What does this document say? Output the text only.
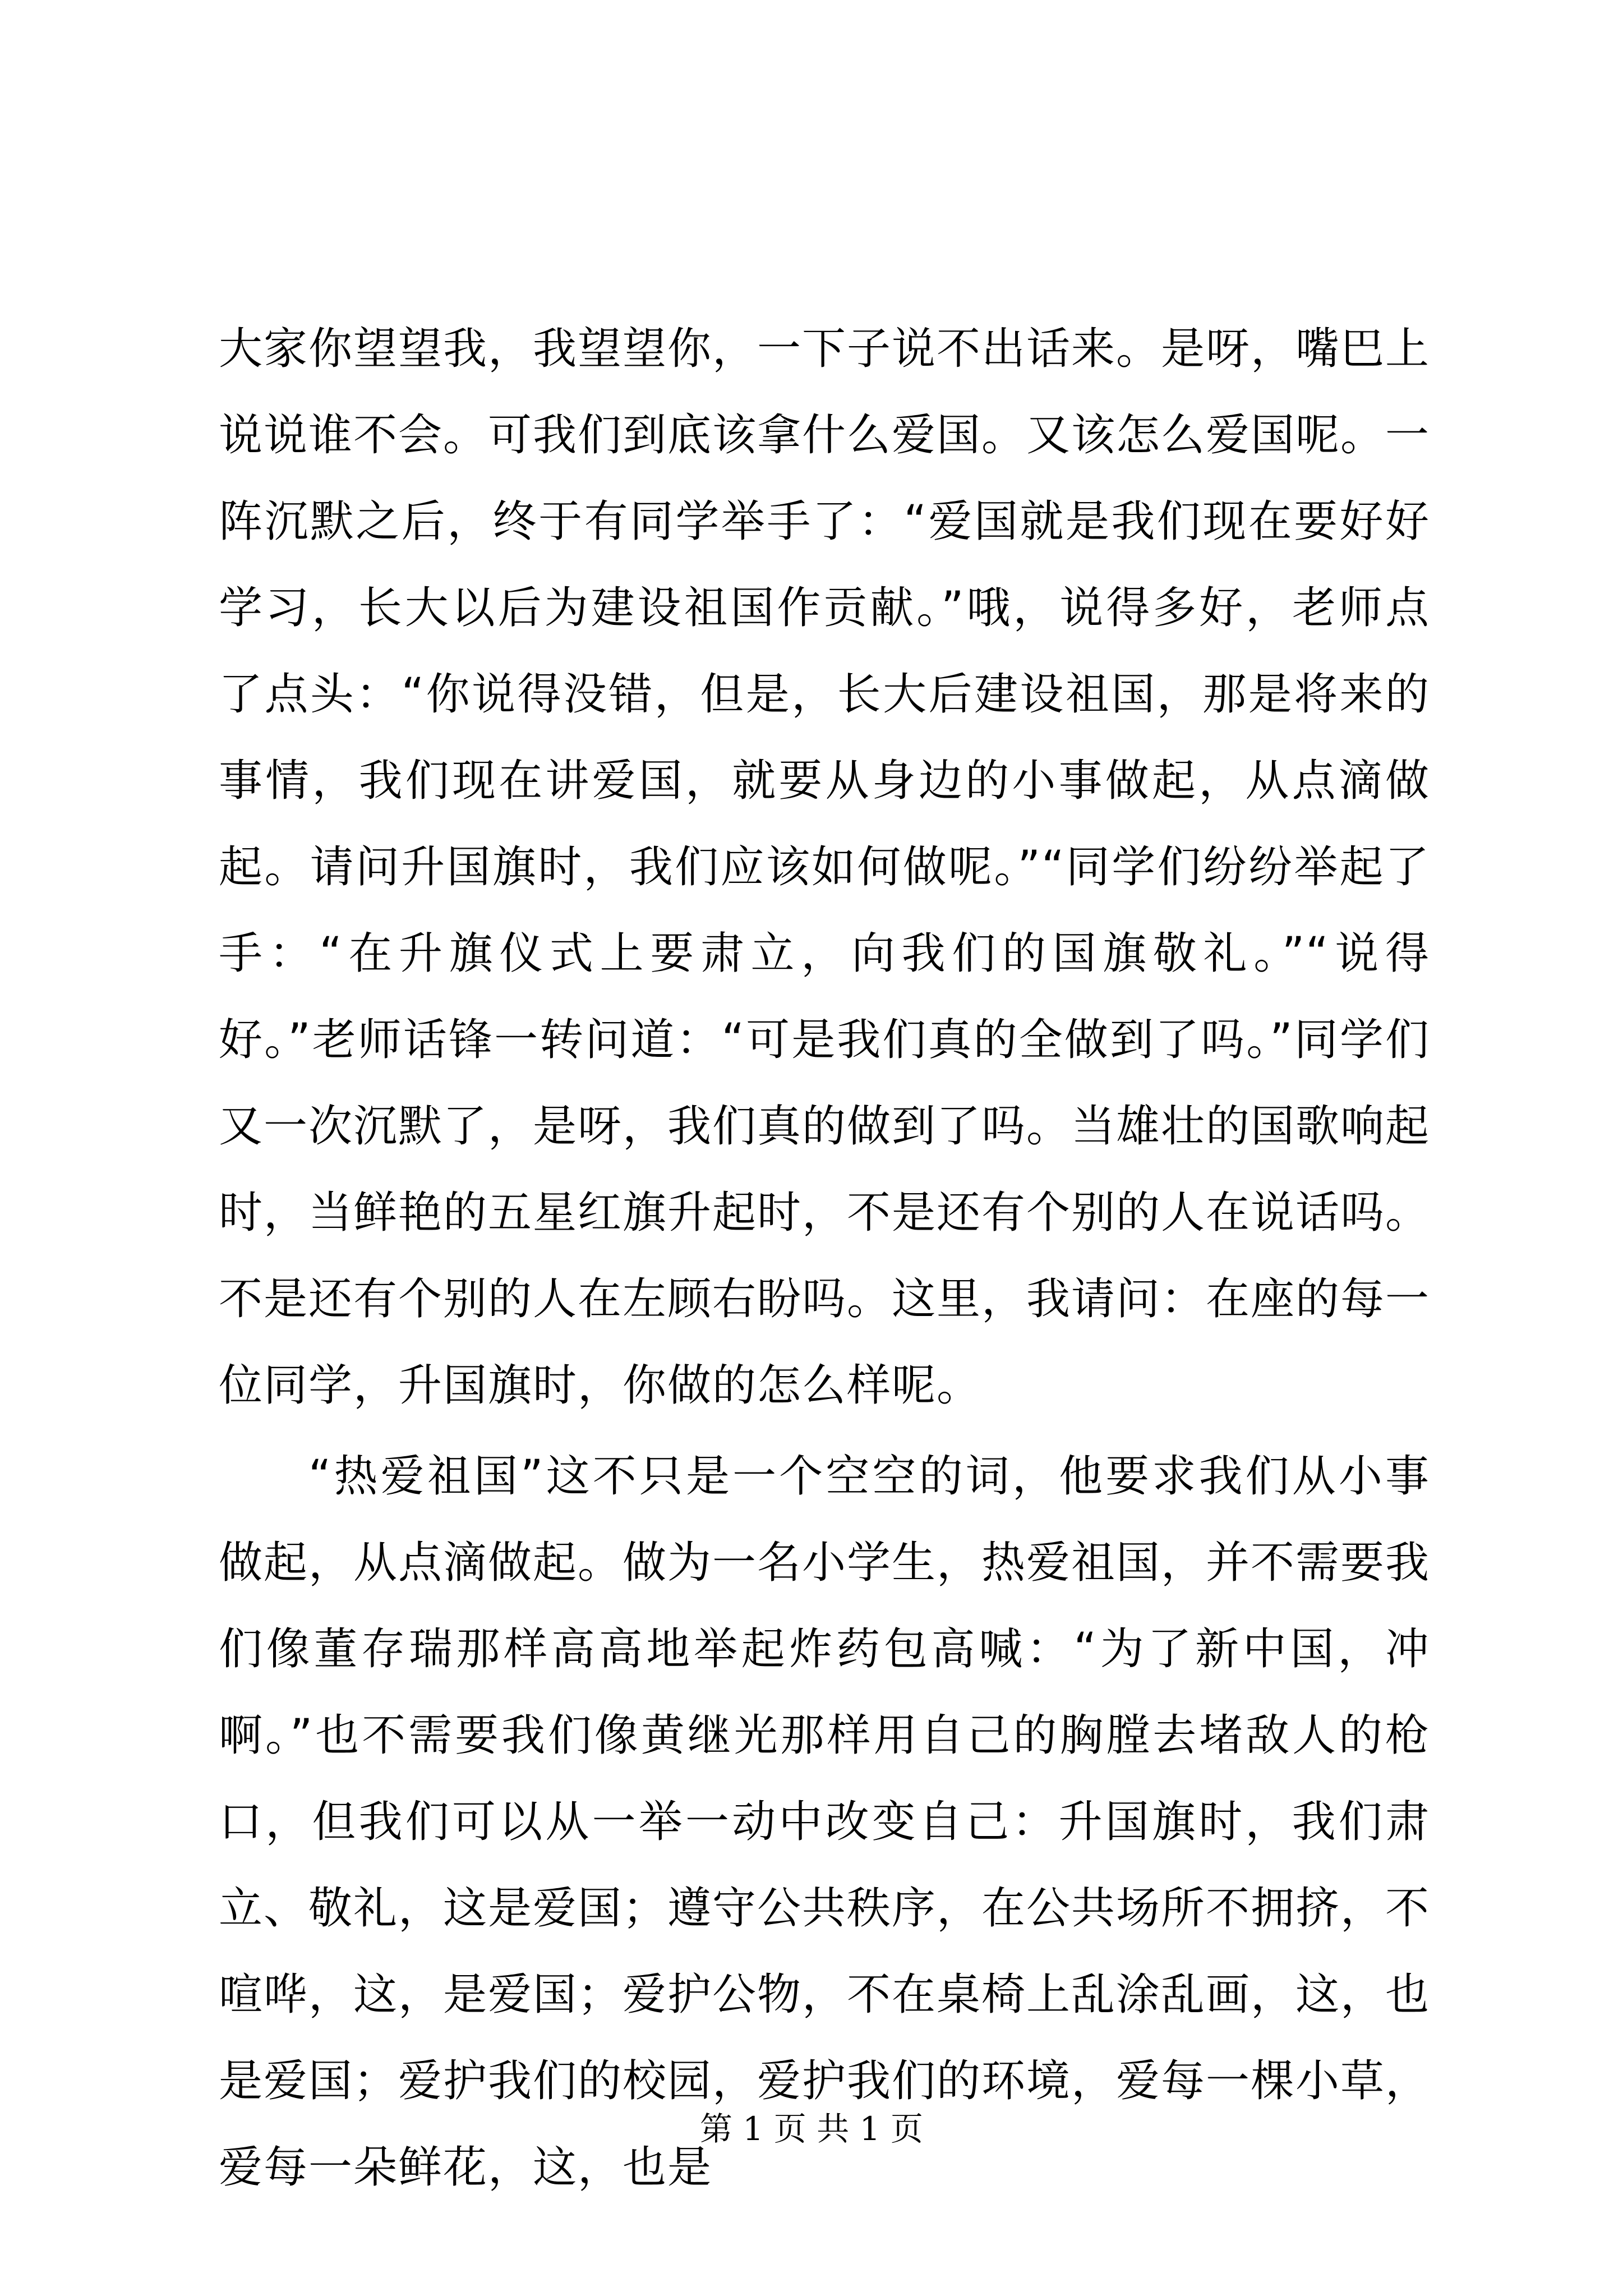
大家你望望我，我望望你，一下子说不出话来。是呀，嘴巴上说说谁不会。可我们到底该拿什么爱国。又该怎么爱国呢。一阵沉默之后，终于有同学举手了：“爱国就是我们现在要好好学习，长大以后为建设祖国作贡献。”哦，说得多好，老师点了点头：“你说得没错，但是，长大后建设祖国，那是将来的事情，我们现在讲爱国，就要从身边的小事做起，从点滴做起。请问升国旗时，我们应该如何做呢。”“同学们纷纷举起了手：“在升旗仪式上要肃立，向我们的国旗敬礼。”“说得好。”老师话锋一转问道：“可是我们真的全做到了吗。”同学们又一次沉默了，是呀，我们真的做到了吗。当雄壮的国歌响起时，当鲜艳的五星红旗升起时，不是还有个别的人在说话吗。不是还有个别的人在左顾右盼吗。这里，我请问：在座的每一位同学，升国旗时，你做的怎么样呢。

“热爱祖国”这不只是一个空空的词，他要求我们从小事做起，从点滴做起。做为一名小学生，热爱祖国，并不需要我们像董存瑞那样高高地举起炸药包高喊：“为了新中国，冲啊。”也不需要我们像黄继光那样用自己的胸膛去堵敌人的枪口，但我们可以从一举一动中改变自己：升国旗时，我们肃立、敬礼，这是爱国；遵守公共秩序，在公共场所不拥挤，不喧哗，这，是爱国；爱护公物，不在桌椅上乱涂乱画，这，也是爱国；爱护我们的校园，爱护我们的环境，爱每一棵小草，爱每一朵鲜花，这，也是

第 1 页 共 1 页
